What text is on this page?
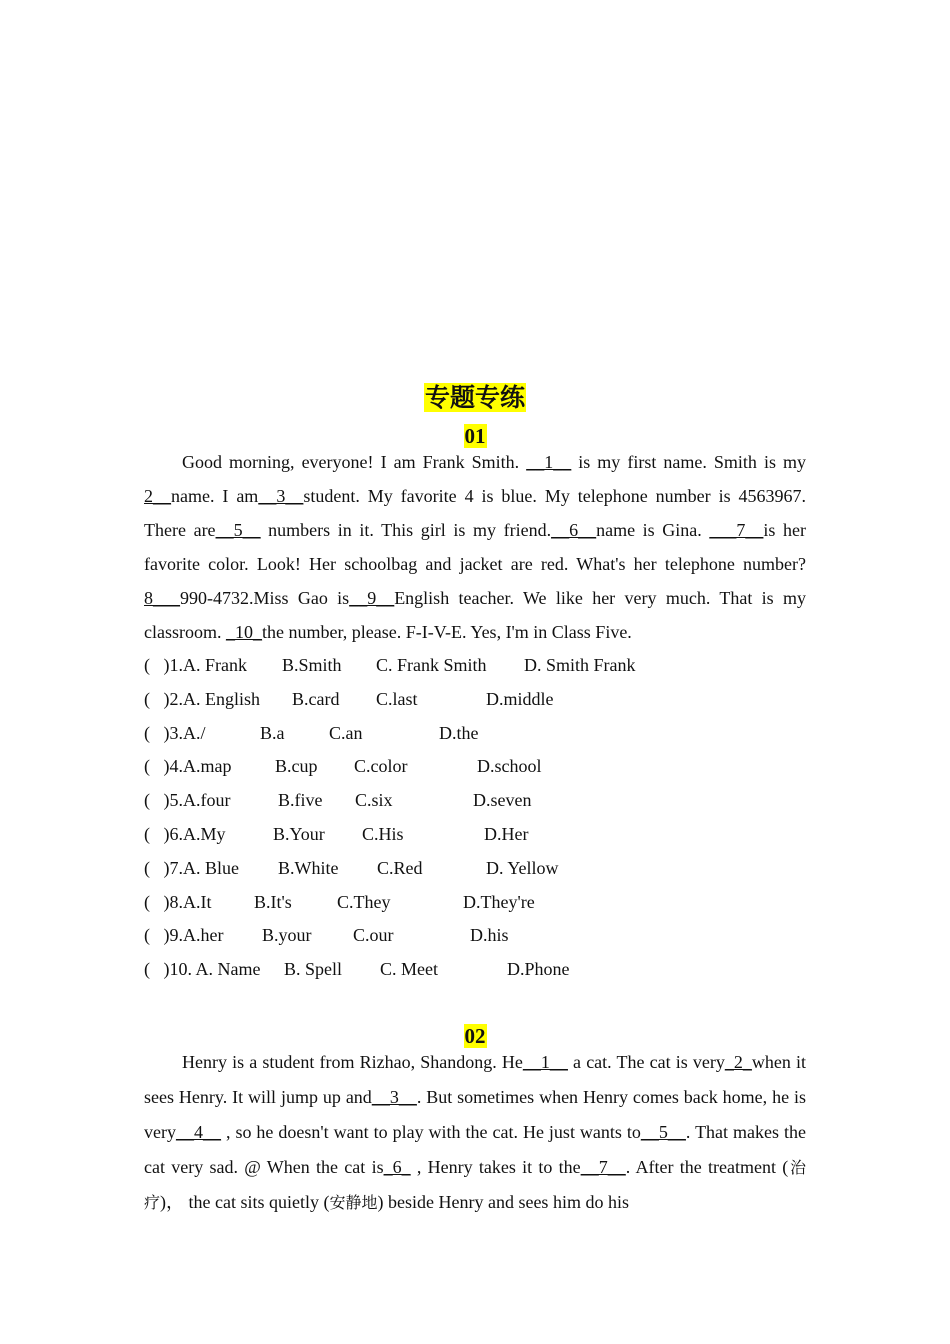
专题专练
01

Good morning, everyone! I am Frank Smith. __1__ is my first name. Smith is my 2__name. I am__3__student. My favorite 4 is blue. My telephone number is 4563967. There are__5__ numbers in it. This girl is my friend.__6__name is Gina. ___7__is her favorite color. Look! Her schoolbag and jacket are red. What's her telephone number? 8___990-4732.Miss Gao is__9__English teacher. We like her very much. That is my classroom. _10_the number, please. F-I-V-E. Yes, I'm in Class Five.

(   )1.A. Frank B.Smith C. Frank Smith D. Smith Frank
(   )2.A. English B.card C.last	D.middle
(   )3.A./	B.a C.an	D.the
(   )4.A.map B.cup C.color	D.school
(   )5.A.four	B.five C.six	D.seven
(   )6.A.My	B.Your C.His	D.Her
(   )7.A. Blue B.White C.Red	D. Yellow
(   )8.A.It B.It's	C.They	D.They're
(   )9.A.her B.your C.our	D.his
(   )10. A. Name B. Spell C. Meet	D.Phone
02

Henry is a student from Rizhao, Shandong. He__1__ a cat. The cat is very_2_when it sees Henry. It will jump up and__3__. But sometimes when Henry comes back home, he is very__4__ , so he doesn't want to play with the cat. He just wants to__5__. That makes the cat very sad. @ When the cat is_6_ , Henry takes it to the__7__. After the treatment (治疗)， the cat sits quietly (安静地) beside Henry and sees him do his
